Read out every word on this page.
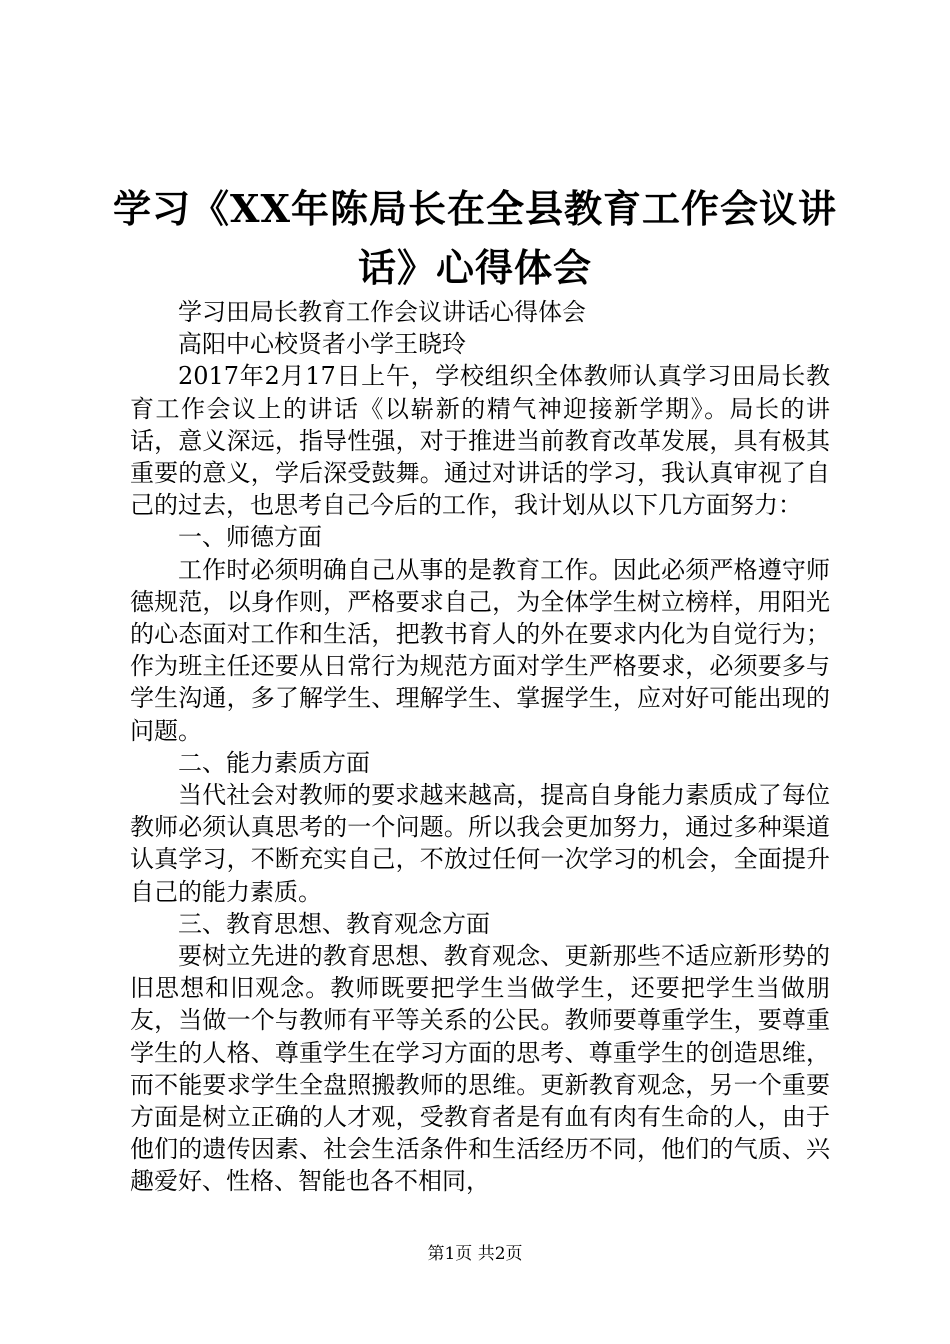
学习《XX年陈局长在全县教育工作会议讲
话》心得体会

学习田局长教育工作会议讲话心得体会

高阳中心校贤者小学王晓玲

2017年2月17日上午，学校组织全体教师认真学习田局长教育工作会议上的讲话《以崭新的精气神迎接新学期》。局长的讲话，意义深远，指导性强，对于推进当前教育改革发展，具有极其重要的意义，学后深受鼓舞。通过对讲话的学习，我认真审视了自己的过去，也思考自己今后的工作，我计划从以下几方面努力：

一、师德方面

工作时必须明确自己从事的是教育工作。因此必须严格遵守师德规范，以身作则，严格要求自己，为全体学生树立榜样，用阳光的心态面对工作和生活，把教书育人的外在要求内化为自觉行为；作为班主任还要从日常行为规范方面对学生严格要求，必须要多与学生沟通，多了解学生、理解学生、掌握学生，应对好可能出现的问题。

二、能力素质方面

当代社会对教师的要求越来越高，提高自身能力素质成了每位教师必须认真思考的一个问题。所以我会更加努力，通过多种渠道认真学习，不断充实自己，不放过任何一次学习的机会，全面提升自己的能力素质。

三、教育思想、教育观念方面

要树立先进的教育思想、教育观念、更新那些不适应新形势的旧思想和旧观念。教师既要把学生当做学生，还要把学生当做朋友，当做一个与教师有平等关系的公民。教师要尊重学生，要尊重学生的人格、尊重学生在学习方面的思考、尊重学生的创造思维，而不能要求学生全盘照搬教师的思维。更新教育观念，另一个重要方面是树立正确的人才观，受教育者是有血有肉有生命的人，由于他们的遗传因素、社会生活条件和生活经历不同，他们的气质、兴趣爱好、性格、智能也各不相同，

第1页 共2页
